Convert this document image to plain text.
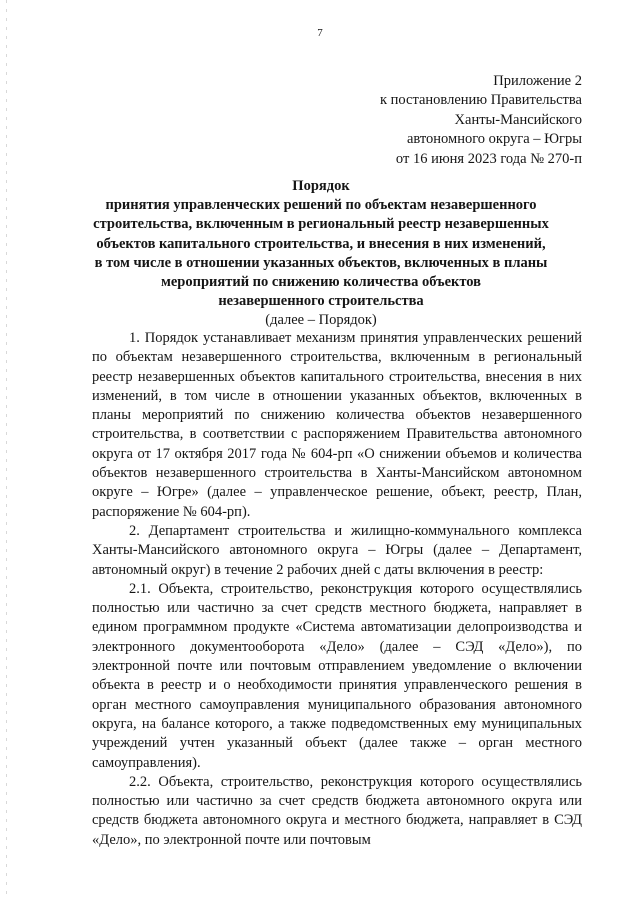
7
Приложение 2
к постановлению Правительства
Ханты-Мансийского
автономного округа – Югры
от 16 июня 2023 года № 270-п
Порядок
принятия управленческих решений по объектам незавершенного
строительства, включенным в региональный реестр незавершенных
объектов капитального строительства, и внесения в них изменений,
в том числе в отношении указанных объектов, включенных в планы
мероприятий по снижению количества объектов
незавершенного строительства
(далее – Порядок)

1. Порядок устанавливает механизм принятия управленческих решений по объектам незавершенного строительства, включенным в региональный реестр незавершенных объектов капитального строительства, внесения в них изменений, в том числе в отношении указанных объектов, включенных в планы мероприятий по снижению количества объектов незавершенного строительства, в соответствии с распоряжением Правительства автономного округа от 17 октября 2017 года № 604-рп «О снижении объемов и количества объектов незавершенного строительства в Ханты-Мансийском автономном округе – Югре» (далее – управленческое решение, объект, реестр, План, распоряжение № 604-рп).

2. Департамент строительства и жилищно-коммунального комплекса Ханты-Мансийского автономного округа – Югры (далее – Департамент, автономный округ) в течение 2 рабочих дней с даты включения в реестр:

2.1. Объекта, строительство, реконструкция которого осуществлялись полностью или частично за счет средств местного бюджета, направляет в едином программном продукте «Система автоматизации делопроизводства и электронного документооборота «Дело» (далее – СЭД «Дело»), по электронной почте или почтовым отправлением уведомление о включении объекта в реестр и о необходимости принятия управленческого решения в орган местного самоуправления муниципального образования автономного округа, на балансе которого, а также подведомственных ему муниципальных учреждений учтен указанный объект (далее также – орган местного самоуправления).

2.2. Объекта, строительство, реконструкция которого осуществлялись полностью или частично за счет средств бюджета автономного округа или средств бюджета автономного округа и местного бюджета, направляет в СЭД «Дело», по электронной почте или почтовым
